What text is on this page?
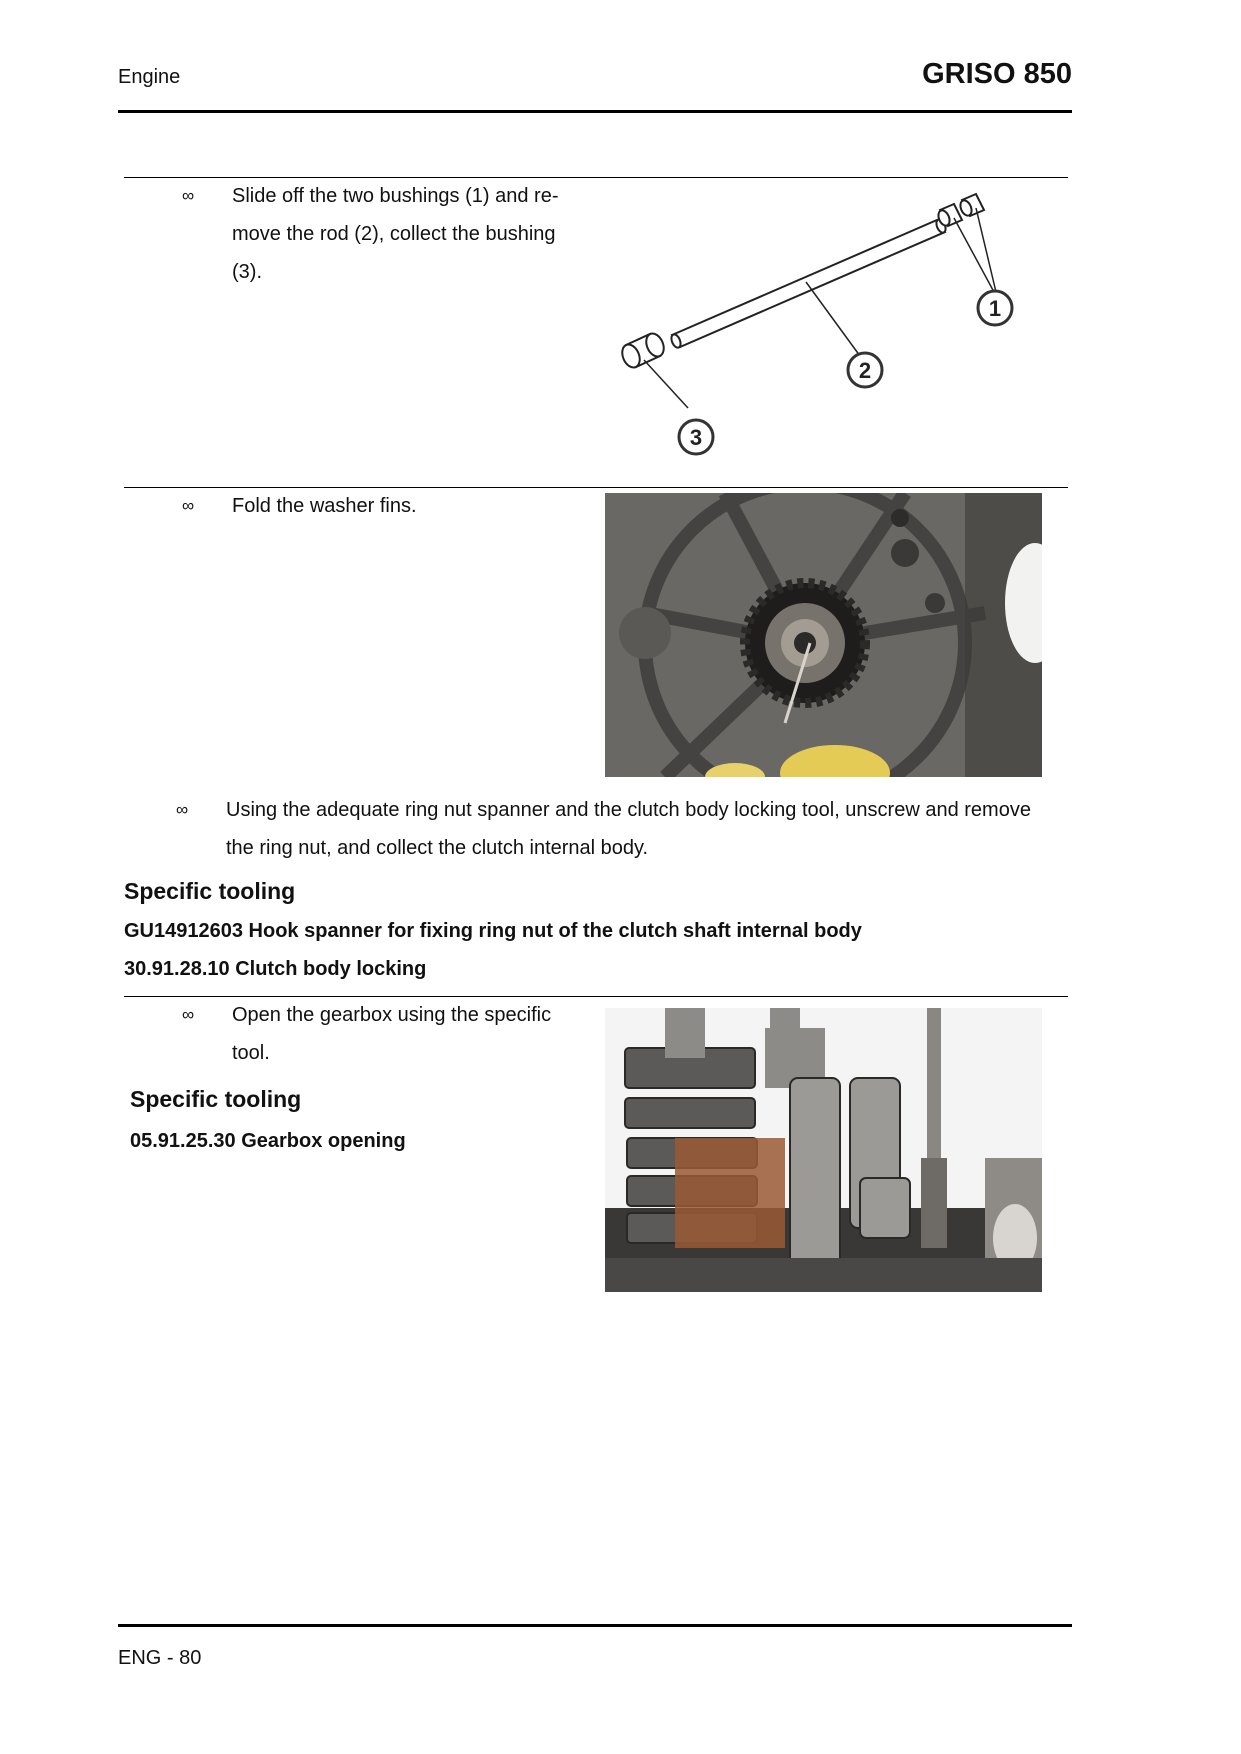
Engine	GRISO 850
∞ Slide off the two bushings (1) and re-
move the rod (2), collect the bushing
(3).
1
2
3
∞ Fold the washer fins.
∞ Using the adequate ring nut spanner and the clutch body locking tool, unscrew and remove
the ring nut, and collect the clutch internal body.
Specific tooling
GU14912603 Hook spanner for fixing ring nut of the clutch shaft internal body
30.91.28.10 Clutch body locking
∞ Open the gearbox using the specific
tool.
Specific tooling
05.91.25.30 Gearbox opening
ENG - 80
